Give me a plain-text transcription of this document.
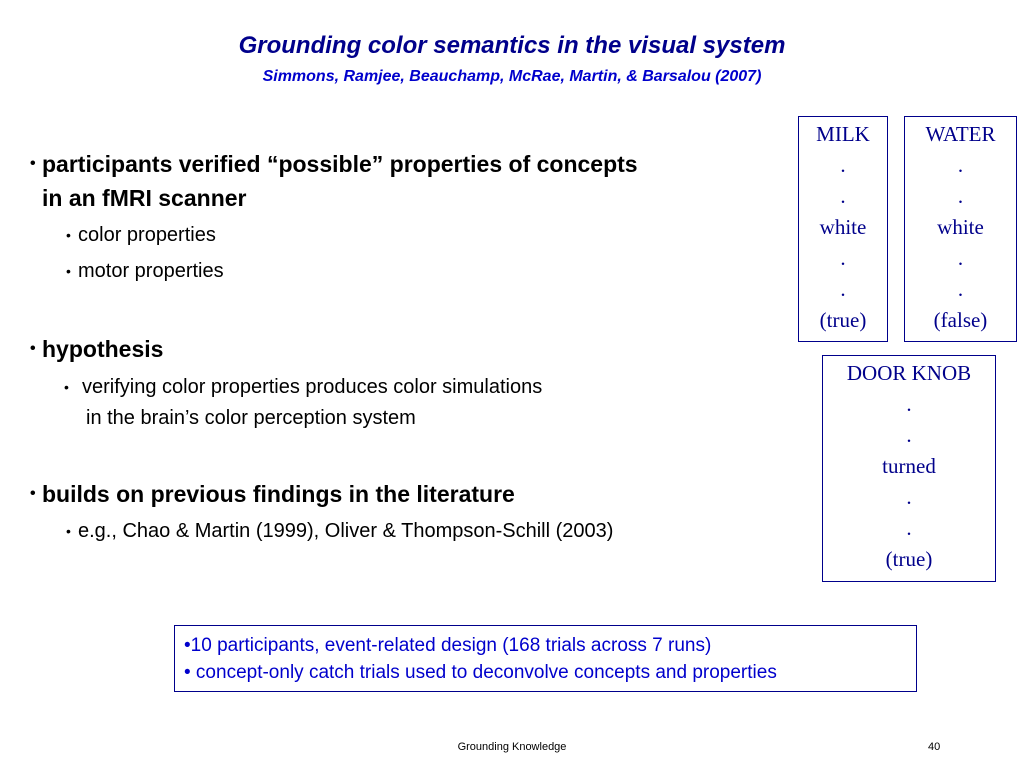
Grounding color semantics in the visual system
Simmons, Ramjee, Beauchamp, McRae, Martin, & Barsalou (2007)
• participants verified “possible” properties of concepts
in an fMRI scanner
• color properties
• motor properties
• hypothesis
• verifying color properties produces color simulations
in the brain’s color perception system
• builds on previous findings in the literature
• e.g., Chao & Martin (1999), Oliver & Thompson-Schill (2003)
MILK
.
.
white
.
.
(true)
WATER
.
.
white
.
.
(false)
DOOR KNOB
.
.
turned
.
.
(true)
•10 participants, event-related design (168 trials across 7 runs)
• concept-only catch trials used to deconvolve concepts and properties
Grounding Knowledge	40
